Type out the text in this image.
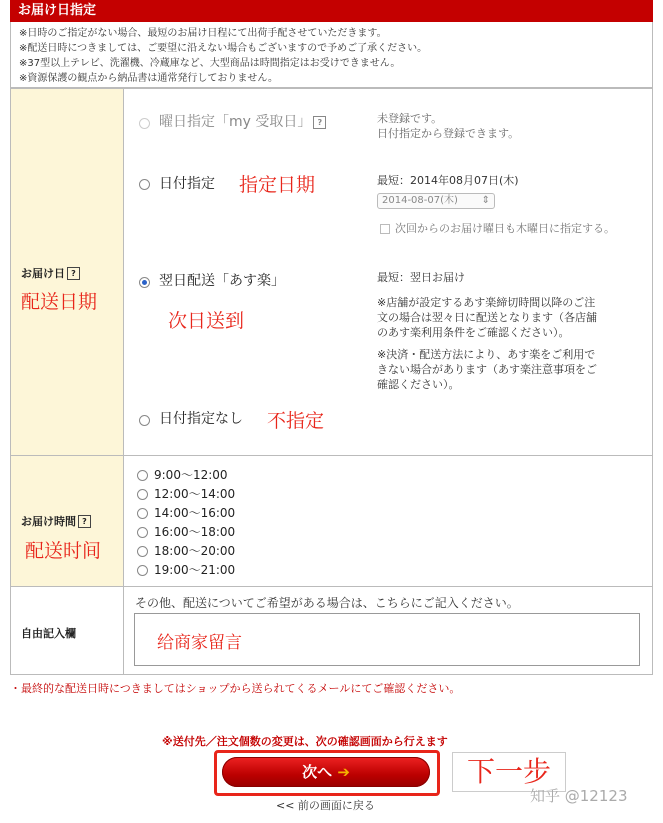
お届け日指定
※日時のご指定がない場合、最短のお届け日程にて出荷手配させていただきます。
※配送日時につきましては、ご要望に沿えない場合もございますので予めご了承ください。
※37型以上テレビ、洗濯機、冷蔵庫など、大型商品は時間指定はお受けできません。
※資源保護の観点から納品書は通常発行しておりません。
お届け日 ?
配送日期
曜日指定「my 受取日」 ?	未登録です。
日付指定から登録できます。
日付指定 指定日期	最短：2014年08月07日(木)
2014-08-07(木) ⇕
次回からのお届け曜日も木曜日に指定する。
翌日配送「あす楽」
次日送到
最短：翌日お届け
※店舗が設定するあす楽締切時間以降のご注
文の場合は翌々日に配送となります（各店舗
のあす楽利用条件をご確認ください）。
※決済・配送方法により、あす楽をご利用で
きない場合があります（あす楽注意事項をご
確認ください）。
日付指定なし 不指定
お届け時間 ?
配送时间
9:00〜12:00
12:00〜14:00
14:00〜16:00
16:00〜18:00
18:00〜20:00
19:00〜21:00
自由記入欄
その他、配送についてご希望がある場合は、こちらにご記入ください。
给商家留言
・最終的な配送日時につきましてはショップから送られてくるメールにてご確認ください。
※送付先／注文個数の変更は、次の確認画面から行えます
次へ ➔	下一步
<< 前の画面に戻る
知乎 @12123
